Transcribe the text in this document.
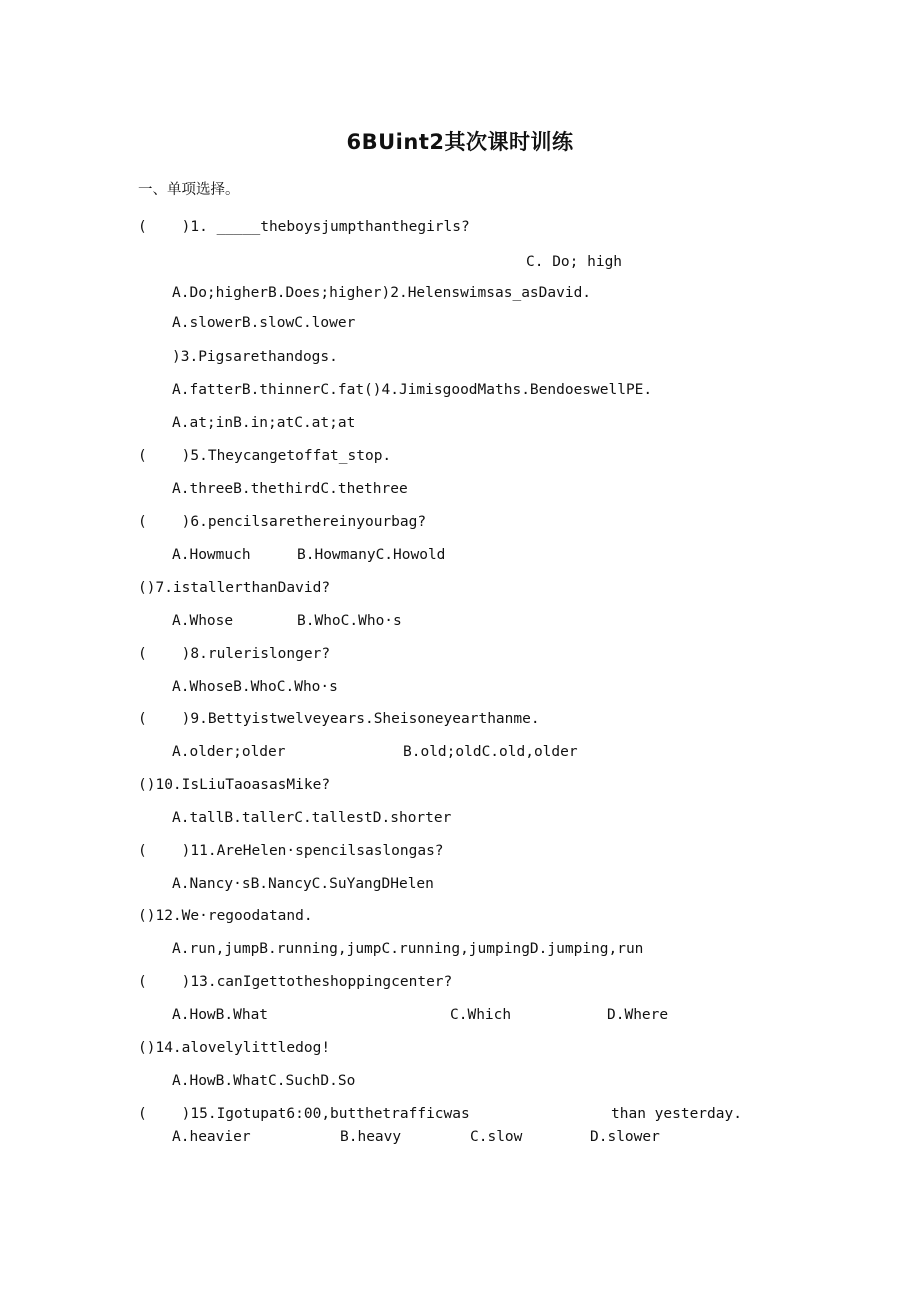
6BUint2其次课时训练
一、单项选择。
(    )1. _____theboysjumpthanthegirls?
C. Do; high
A.Do;higherB.Does;higher)2.Helenswimsas_asDavid.
A.slowerB.slowC.lower
)3.Pigsarethandogs.
A.fatterB.thinnerC.fat()4.JimisgoodMaths.BendoeswellPE.
A.at;inB.in;atC.at;at
(    )5.Theycangetoffat_stop.
A.threeB.thethirdC.thethree
(    )6.pencilsarethereinyourbag?
A.Howmuch	B.HowmanyC.Howold
()7.istallerthanDavid?
A.Whose	B.WhoC.Who·s
(    )8.rulerislonger?
A.WhoseB.WhoC.Who·s
(    )9.Bettyistwelveyears.Sheisoneyearthanme.
A.older;older	B.old;oldC.old,older
()10.IsLiuTaoasasMike?
A.tallB.tallerC.tallestD.shorter
(    )11.AreHelen·spencilsaslongas?
A.Nancy·sB.NancyC.SuYangDHelen
()12.We·regoodatand.
A.run,jumpB.running,jumpC.running,jumpingD.jumping,run
(    )13.canIgettotheshoppingcenter?
A.HowB.What	C.Which	D.Where
()14.alovelylittledog!
A.HowB.WhatC.SuchD.So
(    )15.Igotupat6:00,butthetrafficwas	than yesterday.
A.heavier	B.heavy	C.slow	D.slower
